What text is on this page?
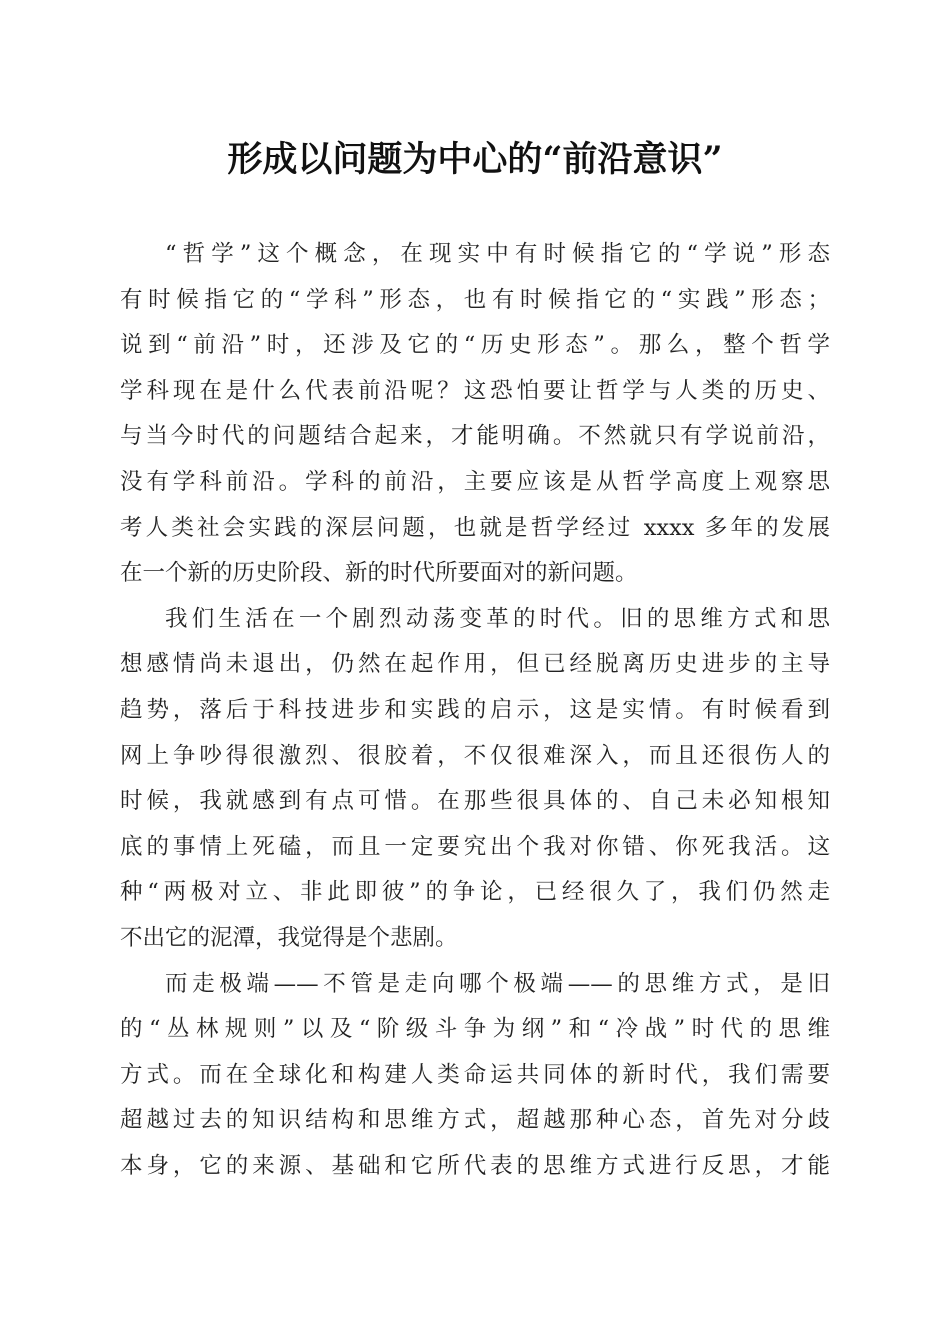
形成以问题为中心的“前沿意识”
“哲学”这个概念，在现实中有时候指它的“学说”形态
有时候指它的“学科”形态，也有时候指它的“实践”形态；
说到“前沿”时，还涉及它的“历史形态”。那么，整个哲学
学科现在是什么代表前沿呢？这恐怕要让哲学与人类的历史、
与当今时代的问题结合起来，才能明确。不然就只有学说前沿，
没有学科前沿。学科的前沿，主要应该是从哲学高度上观察思
考人类社会实践的深层问题，也就是哲学经过 xxxx 多年的发展
在一个新的历史阶段、新的时代所要面对的新问题。
我们生活在一个剧烈动荡变革的时代。旧的思维方式和思
想感情尚未退出，仍然在起作用，但已经脱离历史进步的主导
趋势，落后于科技进步和实践的启示，这是实情。有时候看到
网上争吵得很激烈、很胶着，不仅很难深入，而且还很伤人的
时候，我就感到有点可惜。在那些很具体的、自己未必知根知
底的事情上死磕，而且一定要究出个我对你错、你死我活。这
种“两极对立、非此即彼”的争论，已经很久了，我们仍然走
不出它的泥潭，我觉得是个悲剧。
而走极端——不管是走向哪个极端——的思维方式，是旧
的“丛林规则”以及“阶级斗争为纲”和“冷战”时代的思维
方式。而在全球化和构建人类命运共同体的新时代，我们需要
超越过去的知识结构和思维方式，超越那种心态，首先对分歧
本身，它的来源、基础和它所代表的思维方式进行反思，才能
